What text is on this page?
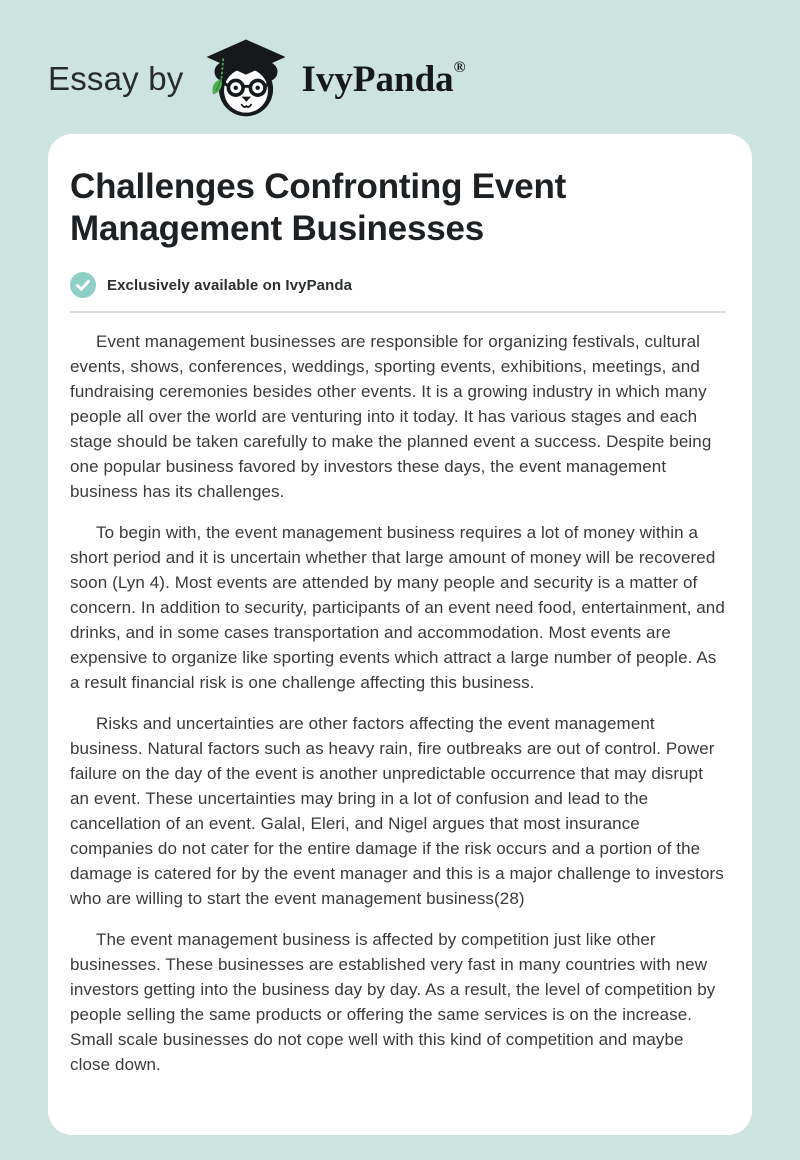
Essay by	IvyPanda®
Challenges Confronting Event Management Businesses
Exclusively available on IvyPanda

Event management businesses are responsible for organizing festivals, cultural events, shows, conferences, weddings, sporting events, exhibitions, meetings, and fundraising ceremonies besides other events. It is a growing industry in which many people all over the world are venturing into it today. It has various stages and each stage should be taken carefully to make the planned event a success. Despite being one popular business favored by investors these days, the event management business has its challenges.

To begin with, the event management business requires a lot of money within a short period and it is uncertain whether that large amount of money will be recovered soon (Lyn 4). Most events are attended by many people and security is a matter of concern. In addition to security, participants of an event need food, entertainment, and drinks, and in some cases transportation and accommodation. Most events are expensive to organize like sporting events which attract a large number of people. As a result financial risk is one challenge affecting this business.

Risks and uncertainties are other factors affecting the event management business. Natural factors such as heavy rain, fire outbreaks are out of control. Power failure on the day of the event is another unpredictable occurrence that may disrupt an event. These uncertainties may bring in a lot of confusion and lead to the cancellation of an event. Galal, Eleri, and Nigel argues that most insurance companies do not cater for the entire damage if the risk occurs and a portion of the damage is catered for by the event manager and this is a major challenge to investors who are willing to start the event management business(28)

The event management business is affected by competition just like other businesses. These businesses are established very fast in many countries with new investors getting into the business day by day. As a result, the level of competition by people selling the same products or offering the same services is on the increase. Small scale businesses do not cope well with this kind of competition and maybe close down.
